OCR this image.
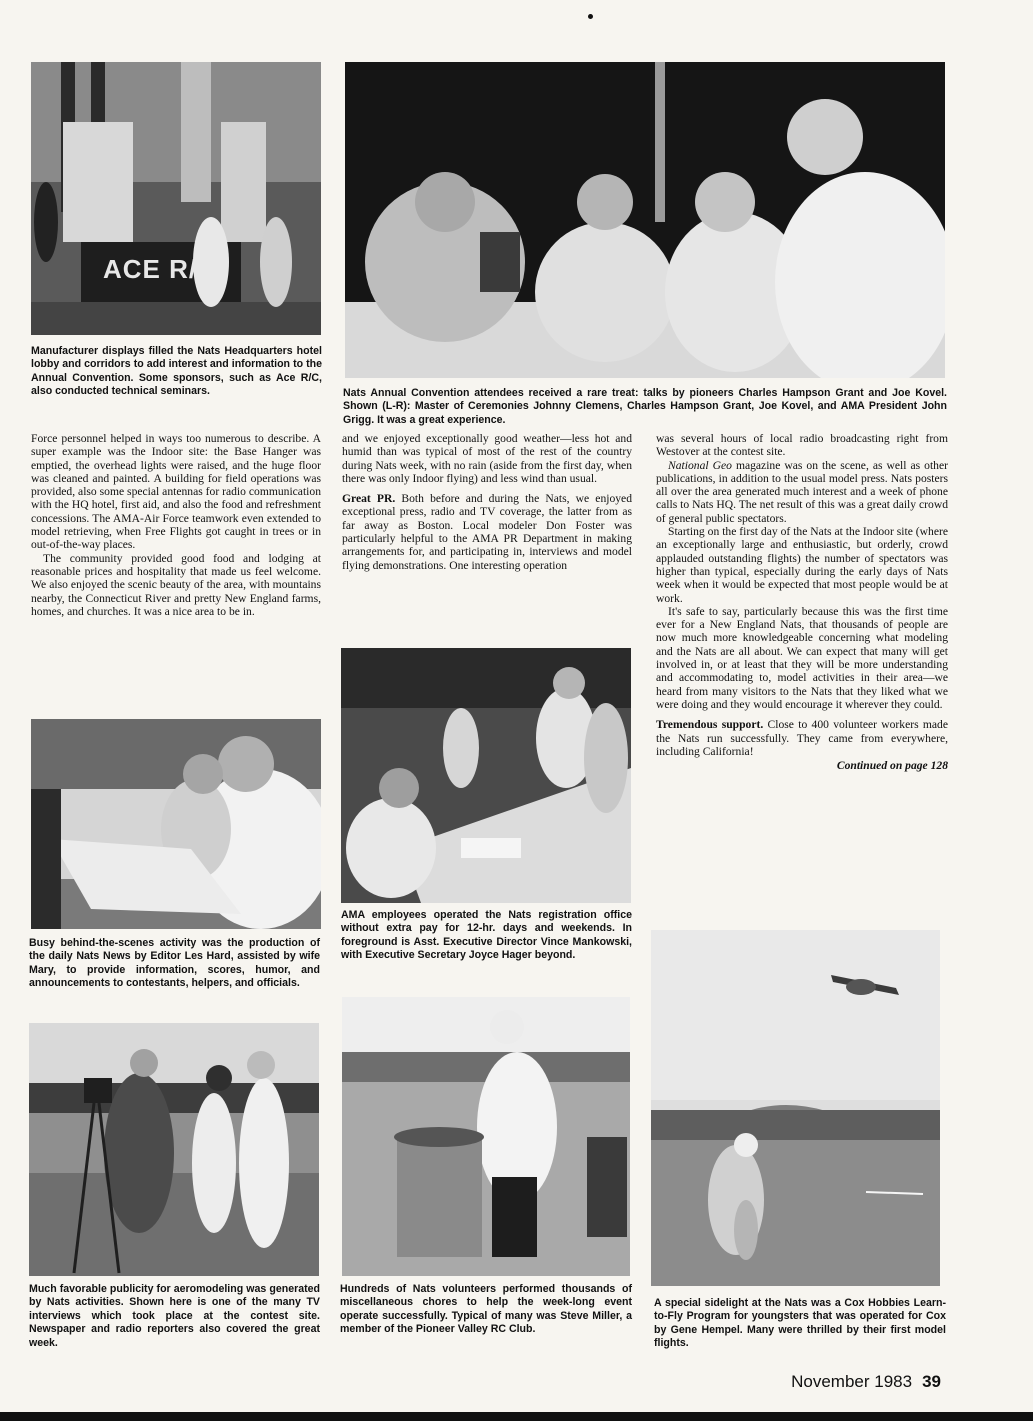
ACE R/C
Manufacturer displays filled the Nats Headquarters hotel lobby and corridors to add interest and information to the Annual Convention. Some sponsors, such as Ace R/C, also conducted technical seminars.	Nats Annual Convention attendees received a rare treat: talks by pioneers Charles Hampson Grant and Joe Kovel. Shown (L-R): Master of Ceremonies Johnny Clemens, Charles Hampson Grant, Joe Kovel, and AMA President John Grigg. It was a great experience.

Force personnel helped in ways too numerous to describe. A super example was the Indoor site: the Base Hanger was emptied, the overhead lights were raised, and the huge floor was cleaned and painted. A building for field operations was provided, also some special antennas for radio communication with the HQ hotel, first aid, and also the food and refreshment concessions. The AMA-Air Force teamwork even extended to model retrieving, when Free Flights got caught in trees or in out-of-the-way places.

The community provided good food and lodging at reasonable prices and hospitality that made us feel welcome. We also enjoyed the scenic beauty of the area, with mountains nearby, the Connecticut River and pretty New England farms, homes, and churches. It was a nice area to be in.

and we enjoyed exceptionally good weather—less hot and humid than was typical of most of the rest of the country during Nats week, with no rain (aside from the first day, when there was only Indoor flying) and less wind than usual.

Great PR. Both before and during the Nats, we enjoyed exceptional press, radio and TV coverage, the latter from as far away as Boston. Local modeler Don Foster was particularly helpful to the AMA PR Department in making arrangements for, and participating in, interviews and model flying demonstrations. One interesting operation

was several hours of local radio broadcasting right from Westover at the contest site.

National Geo magazine was on the scene, as well as other publications, in addition to the usual model press. Nats posters all over the area generated much interest and a week of phone calls to Nats HQ. The net result of this was a great daily crowd of general public spectators.

Starting on the first day of the Nats at the Indoor site (where an exceptionally large and enthusiastic, but orderly, crowd applauded outstanding flights) the number of spectators was higher than typical, especially during the early days of Nats week when it would be expected that most people would be at work.

It's safe to say, particularly because this was the first time ever for a New England Nats, that thousands of people are now much more knowledgeable concerning what modeling and the Nats are all about. We can expect that many will get involved in, or at least that they will be more understanding and accommodating to, model activities in their area—we heard from many visitors to the Nats that they liked what we were doing and they would encourage it wherever they could.

Tremendous support. Close to 400 volunteer workers made the Nats run successfully. They came from everywhere, including California!

Continued on page 128
Busy behind-the-scenes activity was the production of the daily Nats News by Editor Les Hard, assisted by wife Mary, to provide information, scores, humor, and announcements to contestants, helpers, and officials.
AMA employees operated the Nats registration office without extra pay for 12-hr. days and weekends. In foreground is Asst. Executive Director Vince Mankowski, with Executive Secretary Joyce Hager beyond.
Much favorable publicity for aeromodeling was generated by Nats activities. Shown here is one of the many TV interviews which took place at the contest site. Newspaper and radio reporters also covered the great week.
Hundreds of Nats volunteers performed thousands of miscellaneous chores to help the week-long event operate successfully. Typical of many was Steve Miller, a member of the Pioneer Valley RC Club.
A special sidelight at the Nats was a Cox Hobbies Learn-to-Fly Program for youngsters that was operated for Cox by Gene Hempel. Many were thrilled by their first model flights.
November 1983 39
